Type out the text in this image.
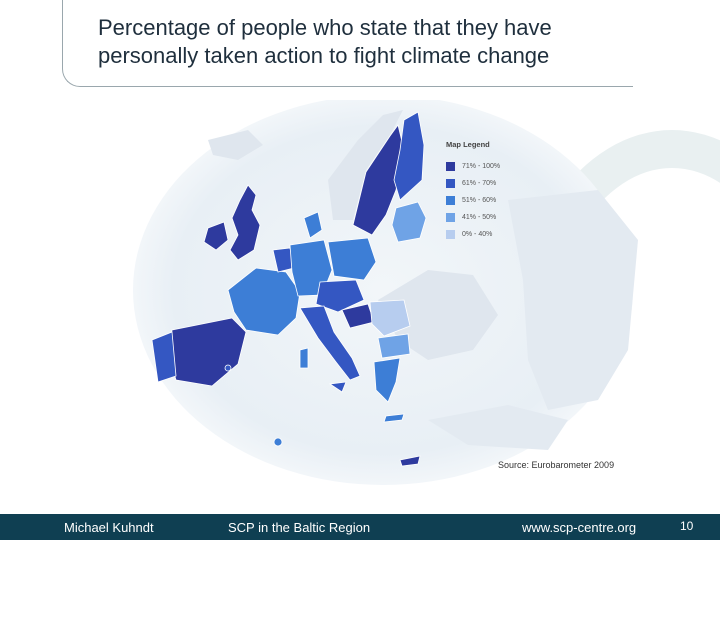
Percentage of people who state that they have personally taken action to fight climate change
Map Legend
71% - 100%
61% - 70%
51% - 60%
41% - 50%
0% - 40%
Source: Eurobarometer 2009
Michael Kuhndt	SCP in the Baltic Region	www.scp-centre.org	10
